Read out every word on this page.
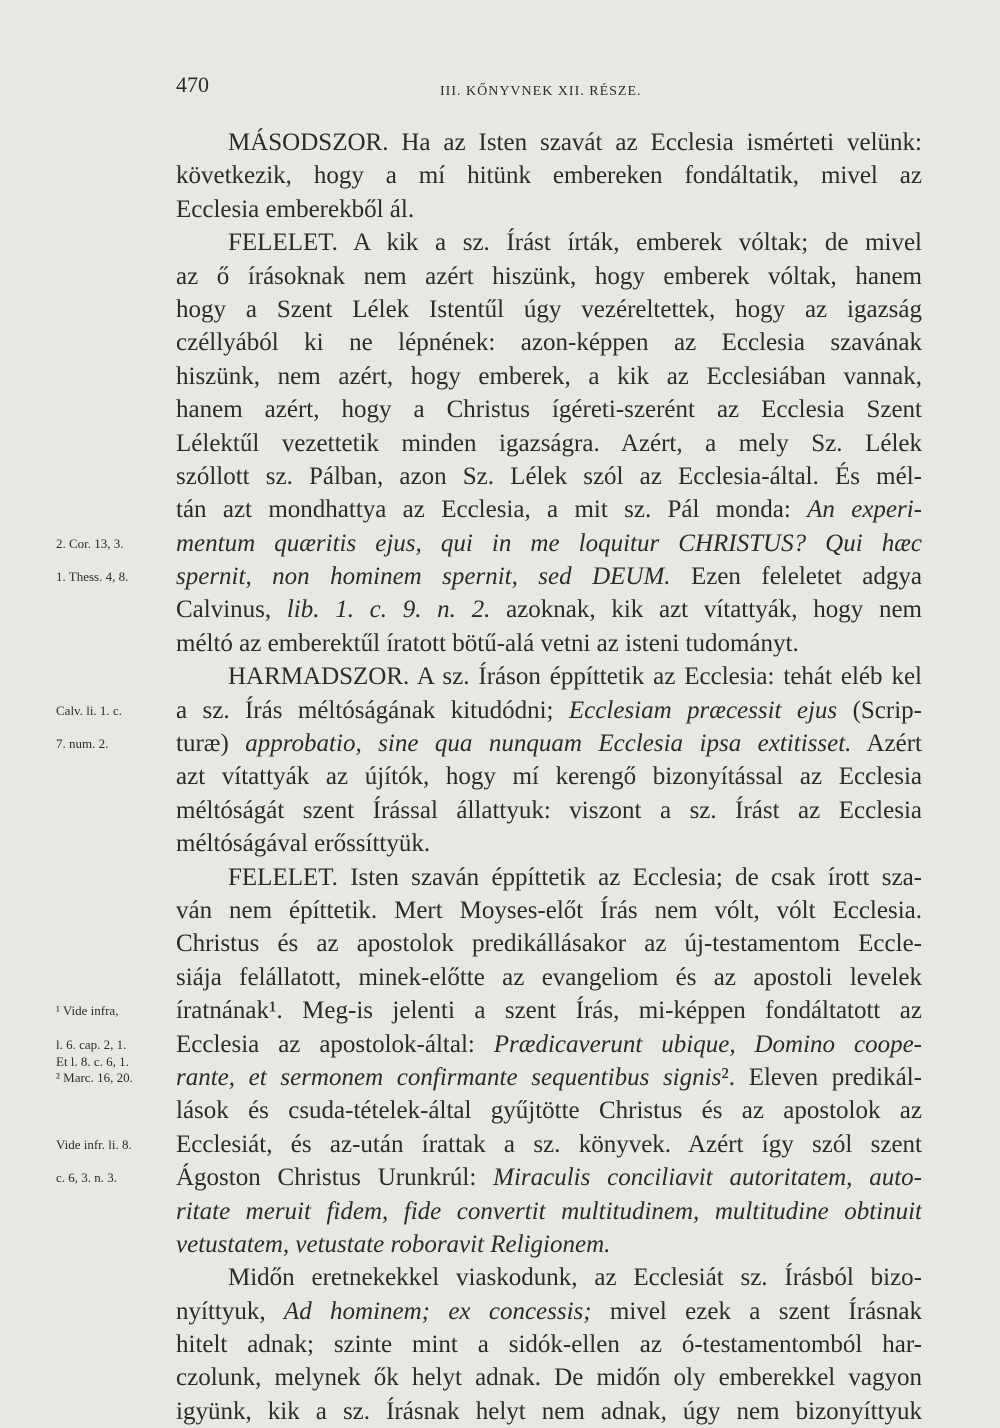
470	III. KŐNYVNEK XII. RÉSZE.
MÁSODSZOR. Ha az Isten szavát az Ecclesia ismérteti velünk:
következik, hogy a mí hitünk embereken fondáltatik, mivel az
Ecclesia emberekből ál.
FELELET. A kik a sz. Írást írták, emberek vóltak; de mivel
az ő írásoknak nem azért hiszünk, hogy emberek vóltak, hanem
hogy a Szent Lélek Istentűl úgy vezéreltettek, hogy az igazság
czéllyából ki ne lépnének: azon-képpen az Ecclesia szavának
hiszünk, nem azért, hogy emberek, a kik az Ecclesiában vannak,
hanem azért, hogy a Christus ígéreti-szerént az Ecclesia Szent
Lélektűl vezettetik minden igazságra. Azért, a mely Sz. Lélek
szóllott sz. Pálban, azon Sz. Lélek szól az Ecclesia-által. És mél-
tán azt mondhattya az Ecclesia, a mit sz. Pál monda: An experi-
mentum quæritis ejus, qui in me loquitur CHRISTUS? Qui hæc
spernit, non hominem spernit, sed DEUM. Ezen feleletet adgya
Calvinus, lib. 1. c. 9. n. 2. azoknak, kik azt vítattyák, hogy nem
méltó az emberektűl íratott bötű-alá vetni az isteni tudományt.
HARMADSZOR. A sz. Íráson éppíttetik az Ecclesia: tehát eléb kel
a sz. Írás méltóságának kitudódni; Ecclesiam præcessit ejus (Scrip-
turæ) approbatio, sine qua nunquam Ecclesia ipsa extitisset. Azért
azt vítattyák az újítók, hogy mí kerengő bizonyítással az Ecclesia
méltóságát szent Írással állattyuk: viszont a sz. Írást az Ecclesia
méltóságával erőssíttyük.
FELELET. Isten szaván éppíttetik az Ecclesia; de csak írott sza-
ván nem építtetik. Mert Moyses-előt Írás nem vólt, vólt Ecclesia.
Christus és az apostolok predikállásakor az új-testamentom Eccle-
siája felállatott, minek-előtte az evangeliom és az apostoli levelek
íratnának¹. Meg-is jelenti a szent Írás, mi-képpen fondáltatott az
Ecclesia az apostolok-által: Prædicaverunt ubique, Domino coope-
rante, et sermonem confirmante sequentibus signis². Eleven predikál-
lások és csuda-tételek-által gyűjtötte Christus és az apostolok az
Ecclesiát, és az-után írattak a sz. könyvek. Azért így szól szent
Ágoston Christus Urunkrúl: Miraculis conciliavit autoritatem, auto-
ritate meruit fidem, fide convertit multitudinem, multitudine obtinuit
vetustatem, vetustate roboravit Religionem.
Midőn eretnekekkel viaskodunk, az Ecclesiát sz. Írásból bizo-
nyíttyuk, Ad hominem; ex concessis; mivel ezek a szent Írásnak
hitelt adnak; szinte mint a sidók-ellen az ó-testamentomból har-
czolunk, melynek ők helyt adnak. De midőn oly emberekkel vagyon
igyünk, kik a sz. Írásnak helyt nem adnak, úgy nem bizonyíttyuk
2. Cor. 13, 3.
1. Thess. 4, 8.
Calv. li. 1. c.
7. num. 2.
¹ Vide infra,
l. 6. cap. 2, 1.
Et l. 8. c. 6, 1.
² Marc. 16, 20.
Vide infr. li. 8.
c. 6, 3. n. 3.
